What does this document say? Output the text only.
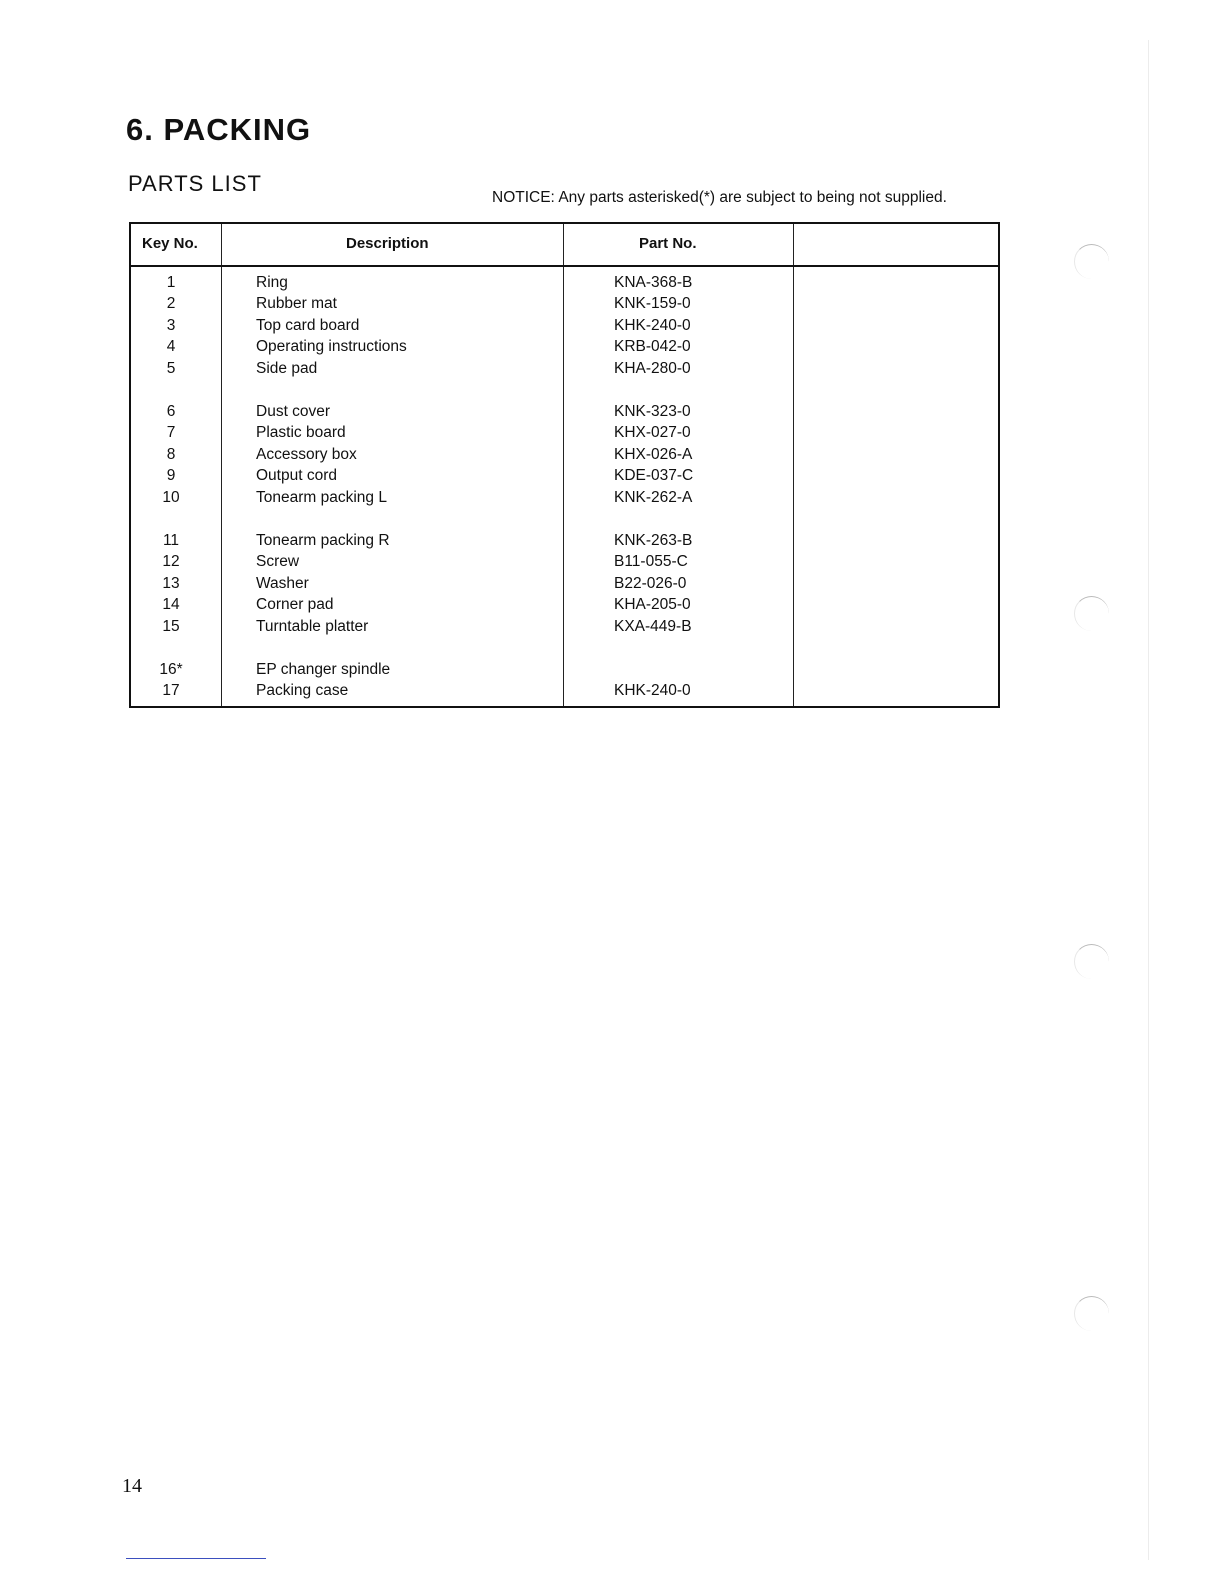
6. PACKING
PARTS LIST
NOTICE: Any parts asterisked(*) are subject to being not supplied.
Key No.	Description	Part No.
1	Ring	KNA-368-B
2	Rubber mat	KNK-159-0
3	Top card board	KHK-240-0
4	Operating instructions	KRB-042-0
5	Side pad	KHA-280-0
6	Dust cover	KNK-323-0
7	Plastic board	KHX-027-0
8	Accessory box	KHX-026-A
9	Output cord	KDE-037-C
10	Tonearm packing L	KNK-262-A
11	Tonearm packing R	KNK-263-B
12	Screw	B11-055-C
13	Washer	B22-026-0
14	Corner pad	KHA-205-0
15	Turntable platter	KXA-449-B
16*	EP changer spindle
17	Packing case	KHK-240-0
14
